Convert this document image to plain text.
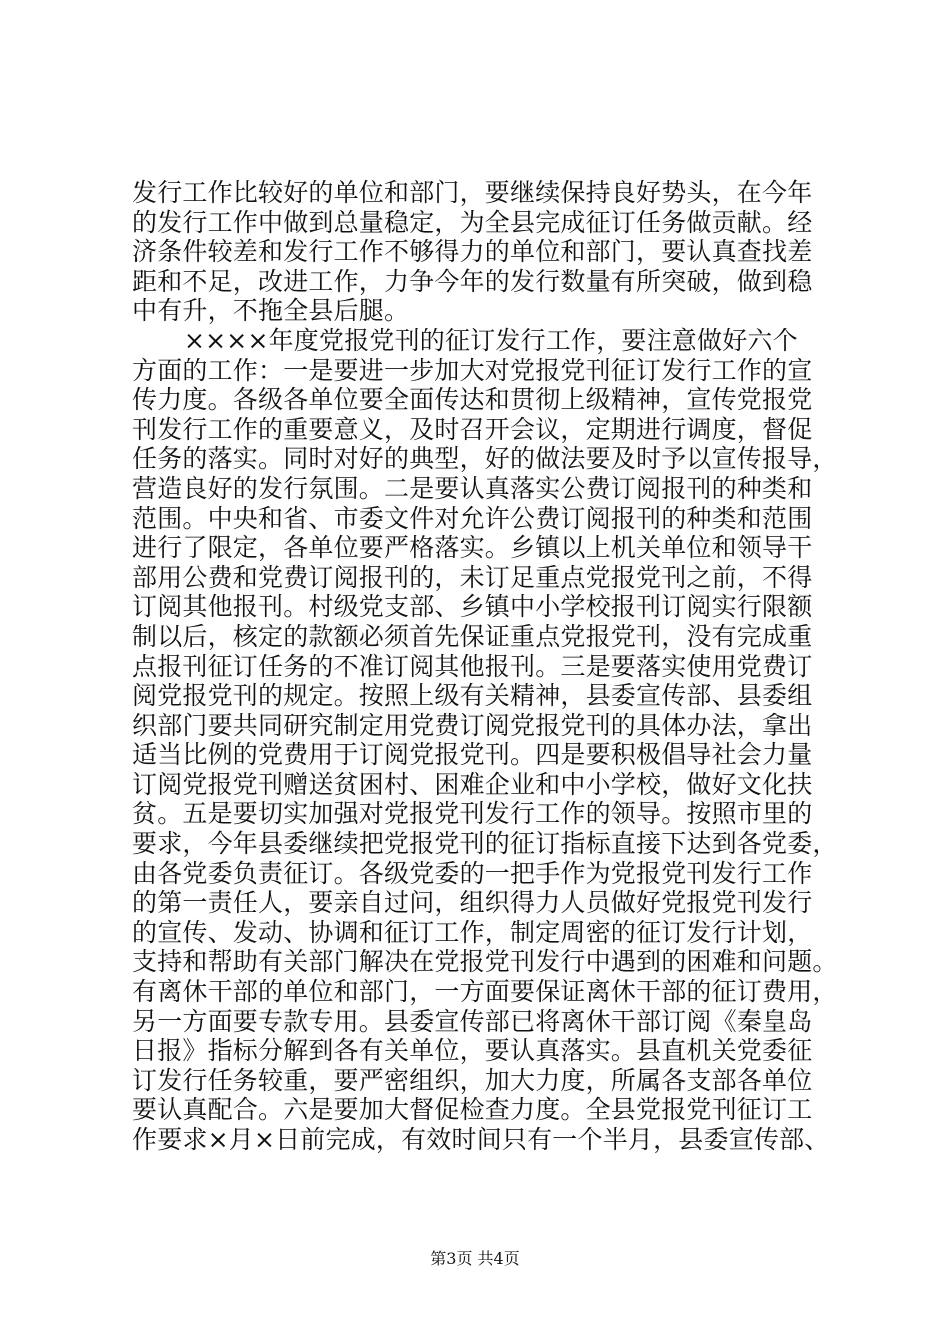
发行工作比较好的单位和部门，要继续保持良好势头，在今年
的发行工作中做到总量稳定，为全县完成征订任务做贡献。经
济条件较差和发行工作不够得力的单位和部门，要认真查找差
距和不足，改进工作，力争今年的发行数量有所突破，做到稳
中有升，不拖全县后腿。
××××年度党报党刊的征订发行工作，要注意做好六个
方面的工作：一是要进一步加大对党报党刊征订发行工作的宣
传力度。各级各单位要全面传达和贯彻上级精神，宣传党报党
刊发行工作的重要意义，及时召开会议，定期进行调度，督促
任务的落实。同时对好的典型，好的做法要及时予以宣传报导，
营造良好的发行氛围。二是要认真落实公费订阅报刊的种类和
范围。中央和省、市委文件对允许公费订阅报刊的种类和范围
进行了限定，各单位要严格落实。乡镇以上机关单位和领导干
部用公费和党费订阅报刊的，未订足重点党报党刊之前，不得
订阅其他报刊。村级党支部、乡镇中小学校报刊订阅实行限额
制以后，核定的款额必须首先保证重点党报党刊，没有完成重
点报刊征订任务的不准订阅其他报刊。三是要落实使用党费订
阅党报党刊的规定。按照上级有关精神，县委宣传部、县委组
织部门要共同研究制定用党费订阅党报党刊的具体办法，拿出
适当比例的党费用于订阅党报党刊。四是要积极倡导社会力量
订阅党报党刊赠送贫困村、困难企业和中小学校，做好文化扶
贫。五是要切实加强对党报党刊发行工作的领导。按照市里的
要求，今年县委继续把党报党刊的征订指标直接下达到各党委，
由各党委负责征订。各级党委的一把手作为党报党刊发行工作
的第一责任人，要亲自过问，组织得力人员做好党报党刊发行
的宣传、发动、协调和征订工作，制定周密的征订发行计划，
支持和帮助有关部门解决在党报党刊发行中遇到的困难和问题。
有离休干部的单位和部门，一方面要保证离休干部的征订费用，
另一方面要专款专用。县委宣传部已将离休干部订阅《秦皇岛
日报》指标分解到各有关单位，要认真落实。县直机关党委征
订发行任务较重，要严密组织，加大力度，所属各支部各单位
要认真配合。六是要加大督促检查力度。全县党报党刊征订工
作要求×月×日前完成，有效时间只有一个半月，县委宣传部、
第3页 共4页
